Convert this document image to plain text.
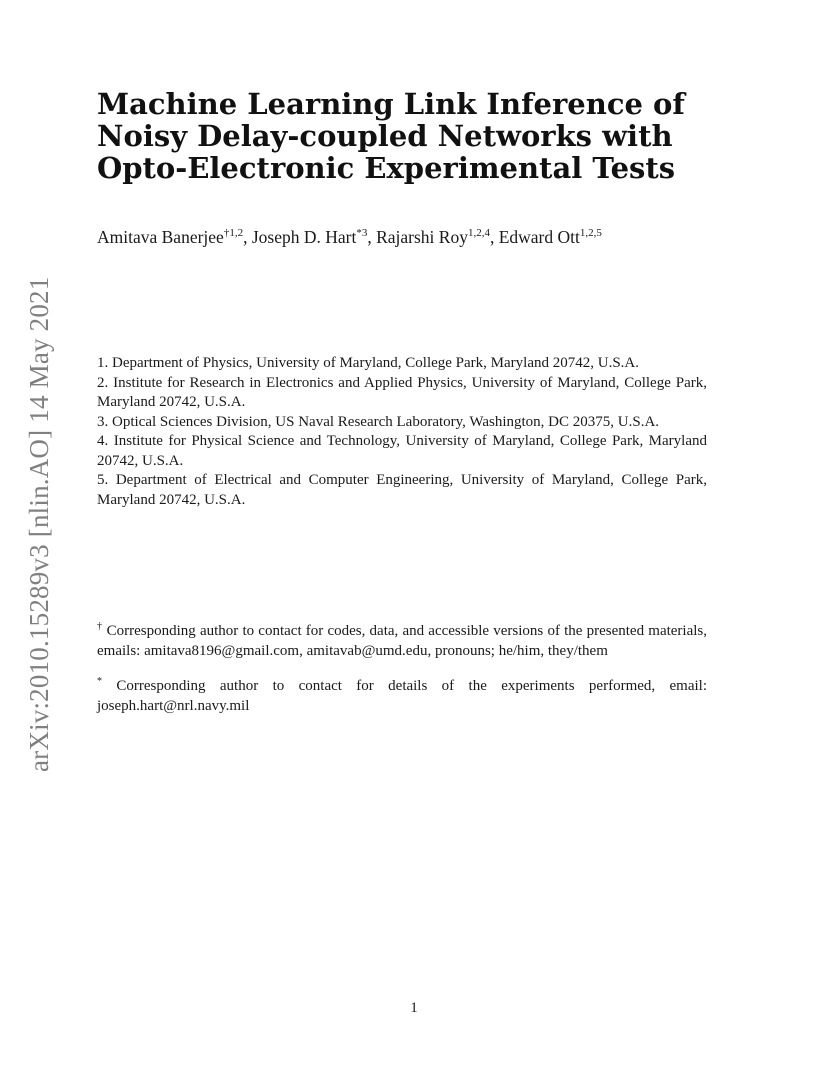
arXiv:2010.15289v3 [nlin.AO] 14 May 2021
Machine Learning Link Inference of
Noisy Delay-coupled Networks with
Opto-Electronic Experimental Tests
Amitava Banerjee$^{\dagger 1,2}$, Joseph D. Hart$^{*3}$, Rajarshi Roy$^{1,2,4}$, Edward Ott$^{1,2,5}$

1. Department of Physics, University of Maryland, College Park, Maryland 20742, U.S.A.

2. Institute for Research in Electronics and Applied Physics, University of Maryland, College Park, Maryland 20742, U.S.A.

3. Optical Sciences Division, US Naval Research Laboratory, Washington, DC 20375, U.S.A.

4. Institute for Physical Science and Technology, University of Maryland, College Park, Maryland 20742, U.S.A.

5. Department of Electrical and Computer Engineering, University of Maryland, College Park, Maryland 20742, U.S.A.

† Corresponding author to contact for codes, data, and accessible versions of the presented materials, emails: amitava8196@gmail.com, amitavab@umd.edu, pronouns; he/him, they/them

* Corresponding author to contact for details of the experiments performed, email: joseph.hart@nrl.navy.mil

1
